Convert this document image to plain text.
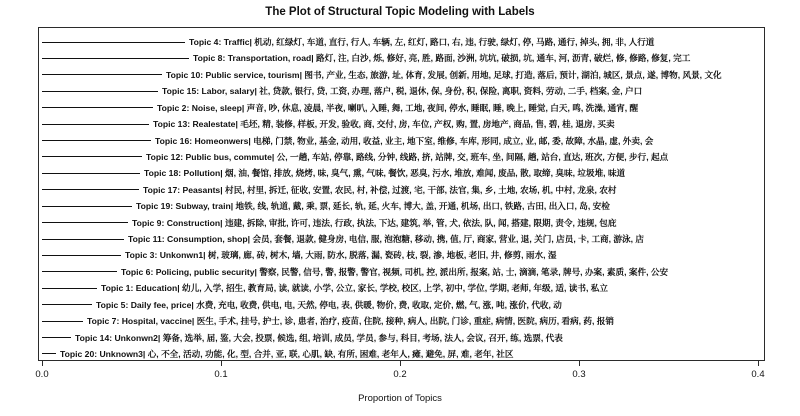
The Plot of Structural Topic Modeling with Labels
Topic 4: Traffic| 机动, 红绿灯, 车道, 直行, 行人, 车辆, 左, 红灯, 路口, 右, 违, 行驶, 绿灯, 停, 马路, 通行, 掉头, 拥, 非, 人行道
Topic 8: Transportation, road| 路灯, 注, 白沙, 烁, 修好, 亮, 胜, 路面, 沙洲, 坑坑, 破损, 坑, 通车, 河, 沥青, 破烂, 修, 修路, 修复, 完工
Topic 10: Public service, tourism| 图书, 产业, 生态, 旅游, 址, 体育, 发展, 创新, 用地, 足球, 打造, 落后, 预计, 湖泊, 城区, 景点, 遂, 博物, 风景, 文化
Topic 15: Labor, salary| 社, 贷款, 银行, 贷, 工资, 办理, 落户, 税, 退休, 保, 身份, 积, 保险, 离职, 资料, 劳动, 二手, 档案, 金, 户口
Topic 2: Noise, sleep| 声音, 吵, 休息, 凌晨, 半夜, 喇叭, 入睡, 舞, 工地, 夜间, 停水, 睡眠, 睡, 晚上, 睡觉, 白天, 鸣, 洗澡, 通宵, 醒
Topic 13: Realestate| 毛坯, 精, 装修, 样板, 开发, 验收, 商, 交付, 房, 车位, 产权, 购, 置, 房地产, 商品, 售, 碧, 桂, 退房, 买卖
Topic 16: Homeonwers| 电梯, 门禁, 物业, 基金, 动用, 收益, 业主, 地下室, 维修, 车库, 形同, 成立, 业, 邮, 委, 故障, 水晶, 虚, 外卖, 会
Topic 12: Public bus, commute| 公, 一趟, 车站, 停靠, 路线, 分钟, 线路, 挤, 站牌, 交, 班车, 坐, 间隔, 趟, 站台, 直达, 班次, 方便, 步行, 起点
Topic 18: Pollution| 烟, 油, 餐馆, 排放, 烧烤, 味, 臭气, 熏, 气味, 餐饮, 恶臭, 污水, 堆放, 难闻, 废品, 散, 取缔, 臭味, 垃圾堆, 味道
Topic 17: Peasants| 村民, 村里, 拆迁, 征收, 安置, 农民, 村, 补偿, 过渡, 宅, 干部, 法官, 集, 乡, 土地, 农场, 机, 中村, 龙泉, 农村
Topic 19: Subway, train| 地铁, 线, 轨道, 戴, 乘, 票, 延长, 轨, 延, 火车, 博大, 盖, 开通, 机场, 出口, 铁路, 古田, 出入口, 岛, 安检
Topic 9: Construction| 违建, 拆除, 审批, 许可, 违法, 行政, 执法, 下达, 建筑, 举, 管, 犬, 依法, 队, 闻, 搭建, 限期, 责令, 违规, 包庇
Topic 11: Consumption, shop| 会员, 套餐, 退款, 健身房, 电信, 服, 泡泡糖, 移动, 携, 值, 厅, 商家, 营业, 退, 关门, 店员, 卡, 工商, 游泳, 店
Topic 3: Unkonwn1| 树, 玻璃, 廊, 砖, 树木, 墙, 大雨, 防水, 脱落, 漏, 瓷砖, 枝, 裂, 渗, 地板, 老旧, 井, 修剪, 雨水, 湿
Topic 6: Policing, public security| 警察, 民警, 信号, 警, 报警, 警官, 视频, 司机, 控, 派出所, 报案, 站, 士, 滴滴, 笔录, 牌号, 办案, 素质, 案件, 公安
Topic 1: Education| 幼儿, 入学, 招生, 教育局, 读, 就读, 小学, 公立, 家长, 学校, 校区, 上学, 初中, 学位, 学期, 老师, 年级, 适, 读书, 私立
Topic 5: Daily fee, price| 水费, 充电, 收费, 供电, 电, 天然, 停电, 表, 供暖, 物价, 费, 收取, 定价, 燃, 气, 涨, 吨, 涨价, 代收, 动
Topic 7: Hospital, vaccine| 医生, 手术, 挂号, 护士, 诊, 患者, 治疗, 疫苗, 住院, 接种, 病人, 出院, 门诊, 重症, 病情, 医院, 病历, 看病, 药, 报销
Topic 14: Unkonwn2| 筹备, 选举, 届, 鉴, 大会, 投票, 候选, 组, 培训, 成员, 学员, 参与, 科目, 考场, 法人, 会议, 召开, 练, 选票, 代表
Topic 20: Unknown3| 心, 不全, 活动, 功能, 化, 型, 合并, 亚, 联, 心肌, 缺, 有所, 困难, 老年人, 瘫, 避免, 屏, 难, 老年, 社区
0.0	0.1	0.2	0.3	0.4
Proportion of Topics
